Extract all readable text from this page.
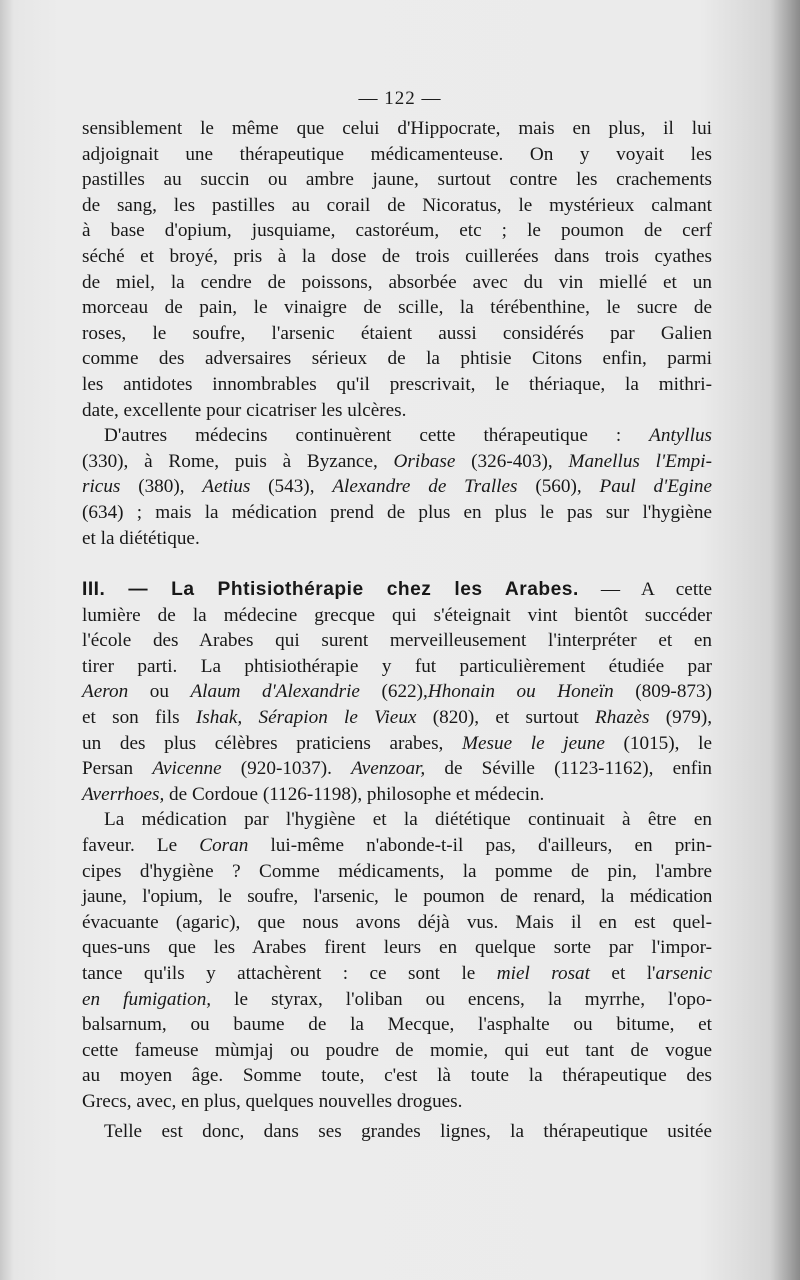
— 122 —
sensiblement le même que celui d'Hippocrate, mais en plus, il lui
adjoignait une thérapeutique médicamenteuse. On y voyait les
pastilles au succin ou ambre jaune, surtout contre les crachements
de sang, les pastilles au corail de Nicoratus, le mystérieux calmant
à base d'opium, jusquiame, castoréum, etc ; le poumon de cerf
séché et broyé, pris à la dose de trois cuillerées dans trois cyathes
de miel, la cendre de poissons, absorbée avec du vin miellé et un
morceau de pain, le vinaigre de scille, la térébenthine, le sucre de
roses, le soufre, l'arsenic étaient aussi considérés par Galien
comme des adversaires sérieux de la phtisie Citons enfin, parmi
les antidotes innombrables qu'il prescrivait, le thériaque, la mithri-
date, excellente pour cicatriser les ulcères.
D'autres médecins continuèrent cette thérapeutique : Antyllus
(330), à Rome, puis à Byzance, Oribase (326-403), Manellus l'Empi-
ricus (380), Aetius (543), Alexandre de Tralles (560), Paul d'Egine
(634) ; mais la médication prend de plus en plus le pas sur l'hygiène
et la diététique.
III. — La Phtisiothérapie chez les Arabes. — A cette
lumière de la médecine grecque qui s'éteignait vint bientôt succéder
l'école des Arabes qui surent merveilleusement l'interpréter et en
tirer parti. La phtisiothérapie y fut particulièrement étudiée par
Aeron ou Alaum d'Alexandrie (622),Hhonain ou Honeïn (809-873)
et son fils Ishak, Sérapion le Vieux (820), et surtout Rhazès (979),
un des plus célèbres praticiens arabes, Mesue le jeune (1015), le
Persan Avicenne (920-1037). Avenzoar, de Séville (1123-1162), enfin
Averrhoes, de Cordoue (1126-1198), philosophe et médecin.
La médication par l'hygiène et la diététique continuait à être en
faveur. Le Coran lui-même n'abonde-t-il pas, d'ailleurs, en prin-
cipes d'hygiène ? Comme médicaments, la pomme de pin, l'ambre
jaune, l'opium, le soufre, l'arsenic, le poumon de renard, la médication
évacuante (agaric), que nous avons déjà vus. Mais il en est quel-
ques-uns que les Arabes firent leurs en quelque sorte par l'impor-
tance qu'ils y attachèrent : ce sont le miel rosat et l'arsenic
en fumigation, le styrax, l'oliban ou encens, la myrrhe, l'opo-
balsarnum, ou baume de la Mecque, l'asphalte ou bitume, et
cette fameuse mùmjaj ou poudre de momie, qui eut tant de vogue
au moyen âge. Somme toute, c'est là toute la thérapeutique des
Grecs, avec, en plus, quelques nouvelles drogues.
Telle est donc, dans ses grandes lignes, la thérapeutique usitée
